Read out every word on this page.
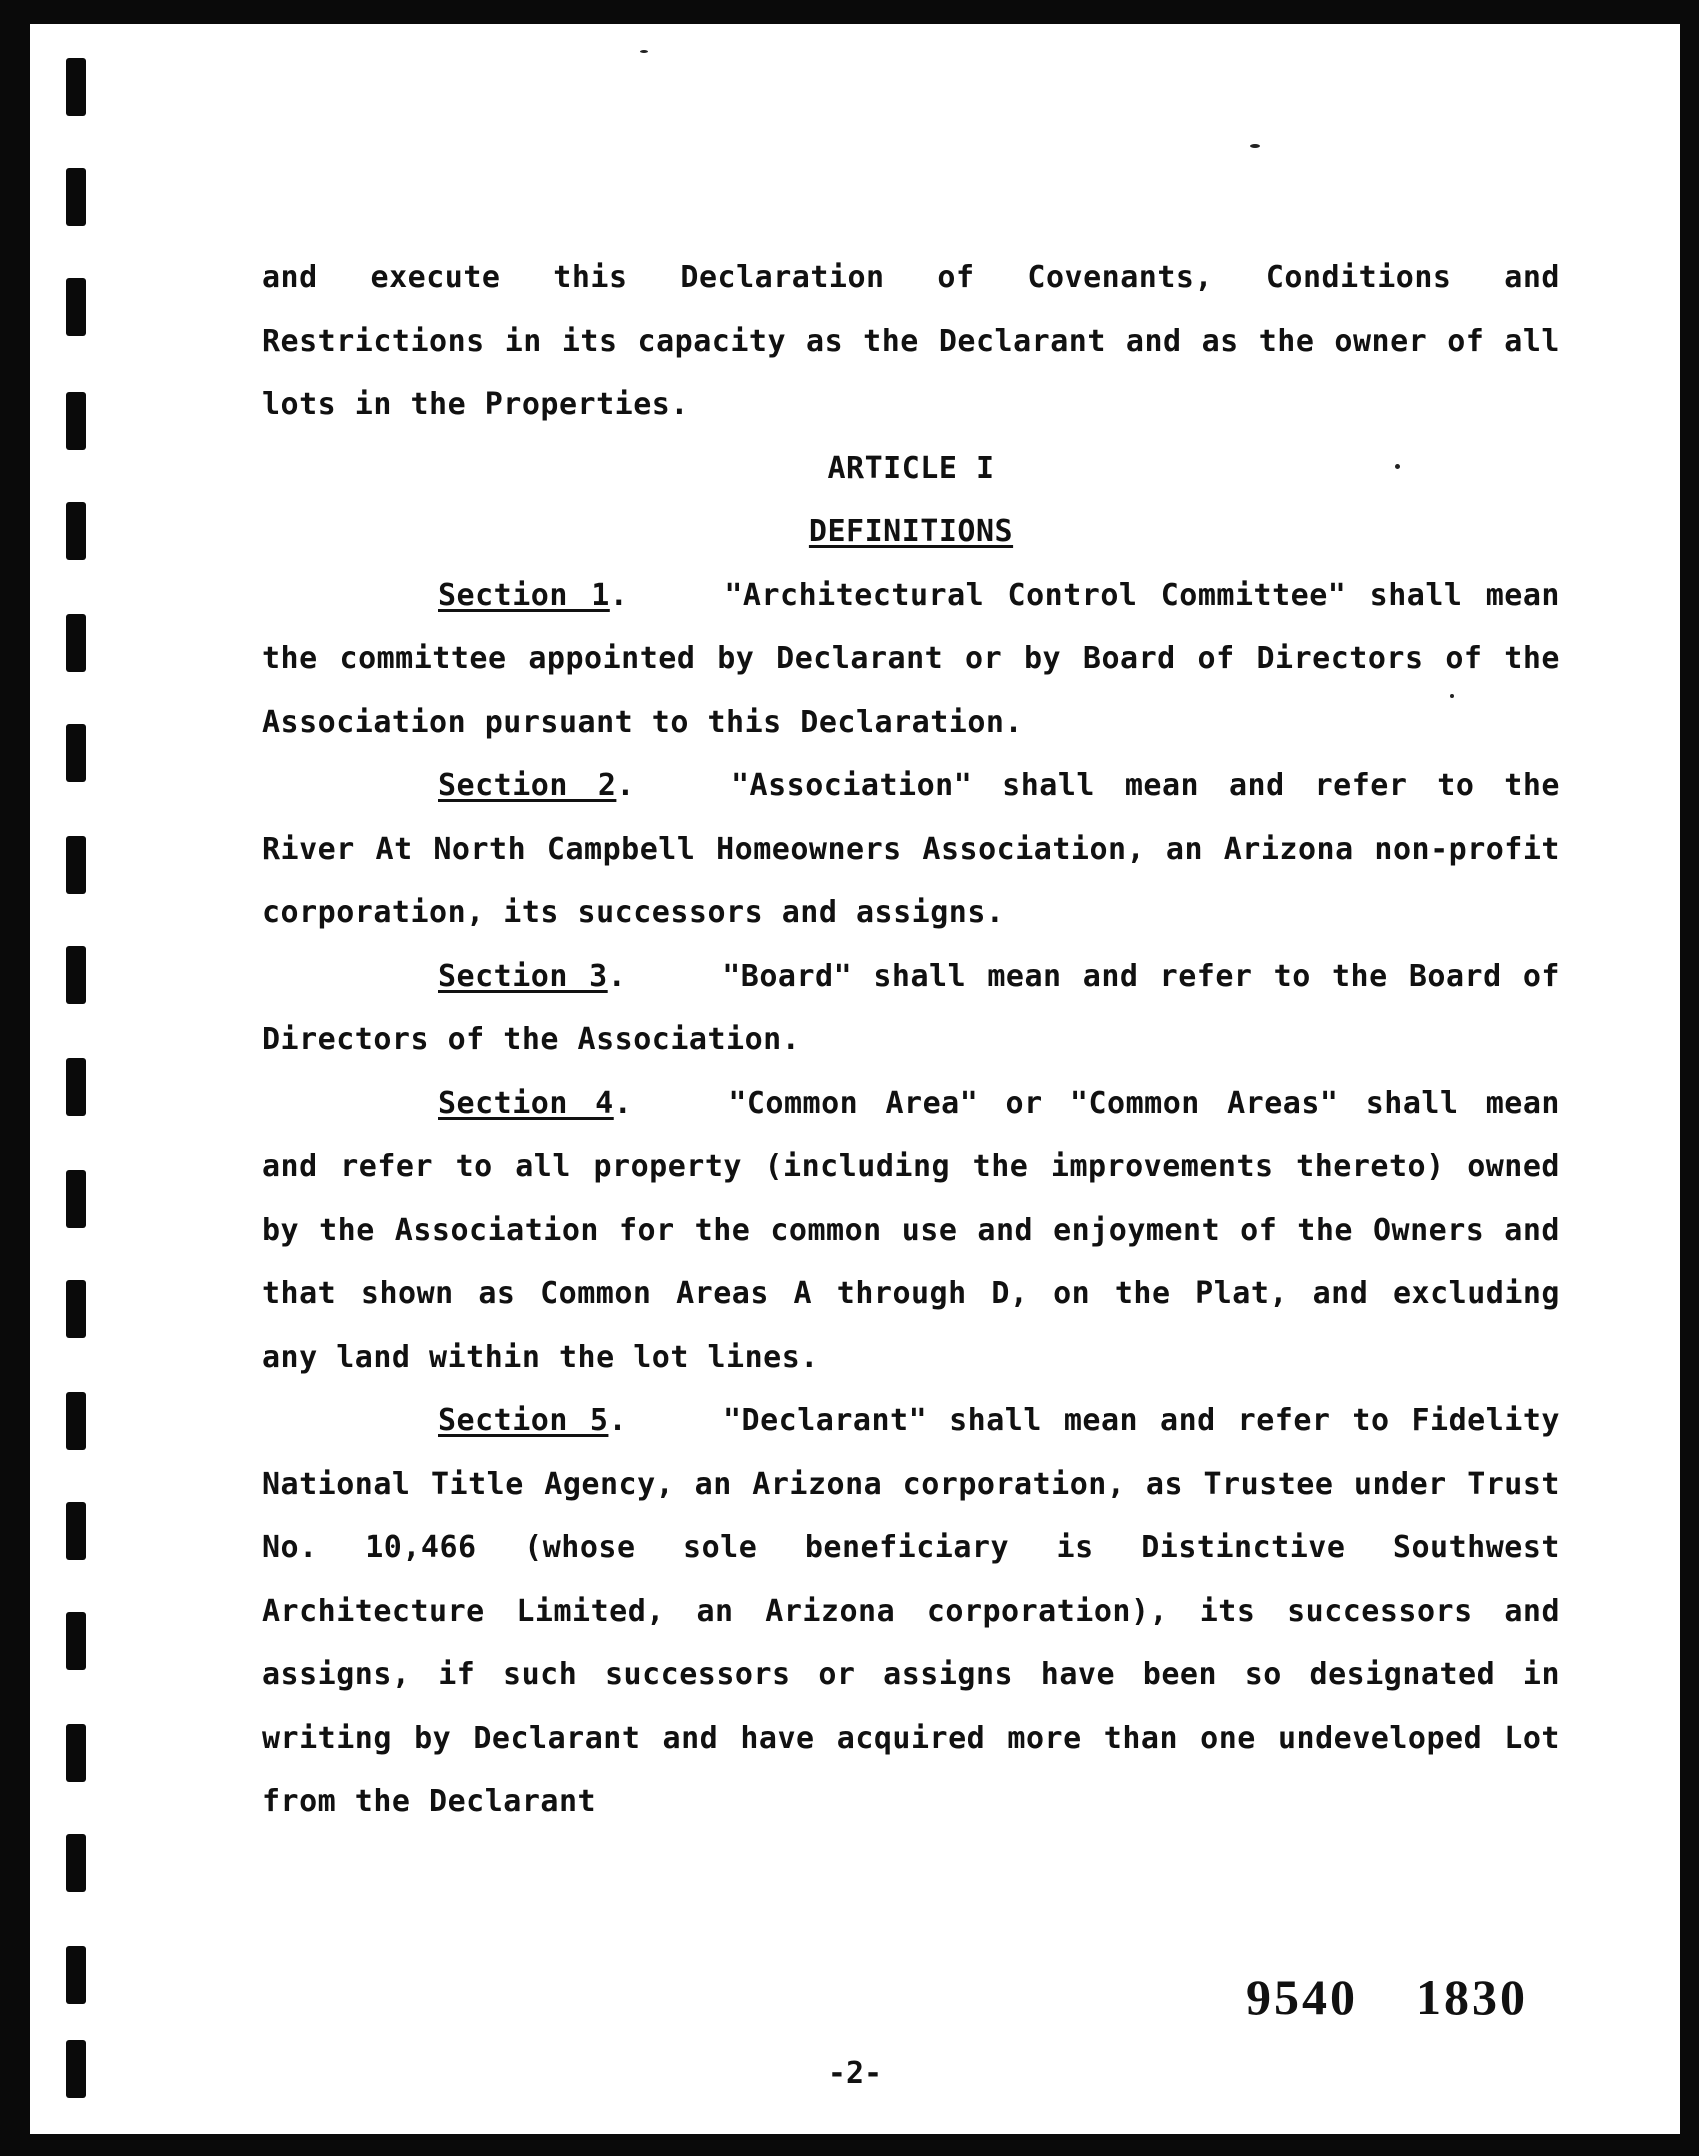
and execute this Declaration of Covenants, Conditions and Restrictions in its capacity as the Declarant and as the owner of all lots in the Properties.

ARTICLE I

DEFINITIONS

Section 1.	"Architectural Control Committee" shall mean the committee appointed by Declarant or by Board of Directors of the Association pursuant to this Declaration.

Section 2.	"Association" shall mean and refer to the River At North Campbell Homeowners Association, an Arizona non-profit corporation, its successors and assigns.

Section 3.	"Board" shall mean and refer to the Board of Directors of the Association.

Section 4.	"Common Area" or "Common Areas" shall mean and refer to all property (including the improvements thereto) owned by the Association for the common use and enjoyment of the Owners and that shown as Common Areas A through D, on the Plat, and excluding any land within the lot lines.

Section 5.	"Declarant" shall mean and refer to Fidelity National Title Agency, an Arizona corporation, as Trustee under Trust No. 10,466 (whose sole beneficiary is Distinctive Southwest Architecture Limited, an Arizona corporation), its successors and assigns, if such successors or assigns have been so designated in writing by Declarant and have acquired more than one undeveloped Lot from the Declarant

9540 1830
-2-
